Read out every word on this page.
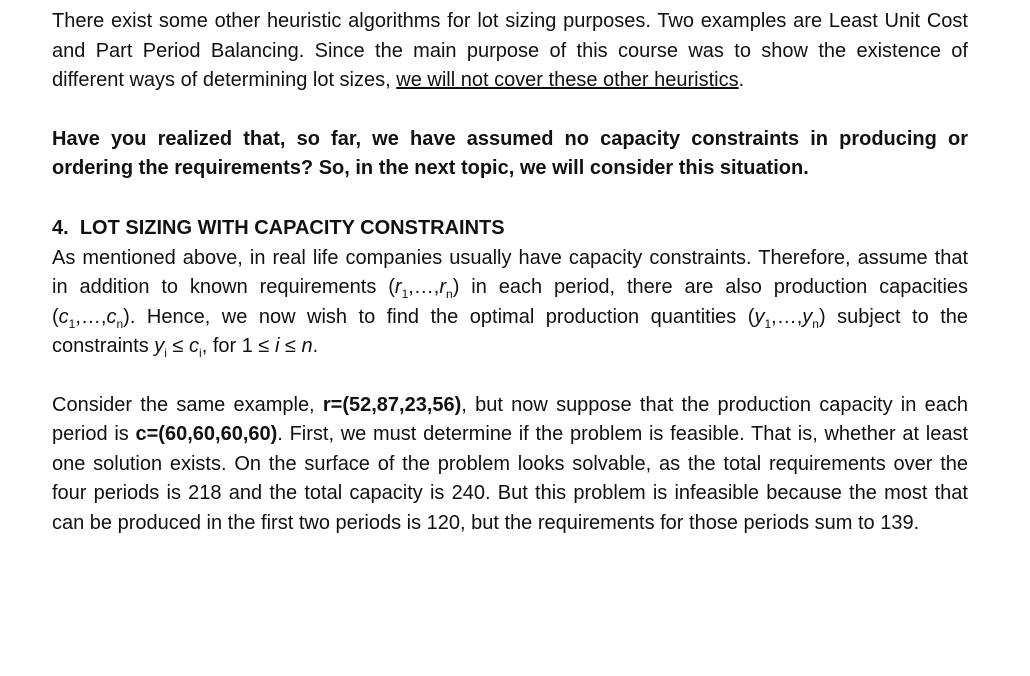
There exist some other heuristic algorithms for lot sizing purposes. Two examples are Least Unit Cost and Part Period Balancing. Since the main purpose of this course was to show the existence of different ways of determining lot sizes, we will not cover these other heuristics.

Have you realized that, so far, we have assumed no capacity constraints in producing or ordering the requirements? So, in the next topic, we will consider this situation.

4. LOT SIZING WITH CAPACITY CONSTRAINTS

As mentioned above, in real life companies usually have capacity constraints. Therefore, assume that in addition to known requirements $(r_1,\dots,r_n)$ in each period, there are also production capacities $(c_1,\dots,c_n)$. Hence, we now wish to find the optimal production quantities $(y_1,\dots,y_n)$ subject to the constraints $y_i \le c_i$, for 1 ≤ i ≤ n.

Consider the same example, r=(52,87,23,56), but now suppose that the production capacity in each period is c=(60,60,60,60). First, we must determine if the problem is feasible. That is, whether at least one solution exists. On the surface of the problem looks solvable, as the total requirements over the four periods is 218 and the total capacity is 240. But this problem is infeasible because the most that can be produced in the first two periods is 120, but the requirements for those periods sum to 139.
